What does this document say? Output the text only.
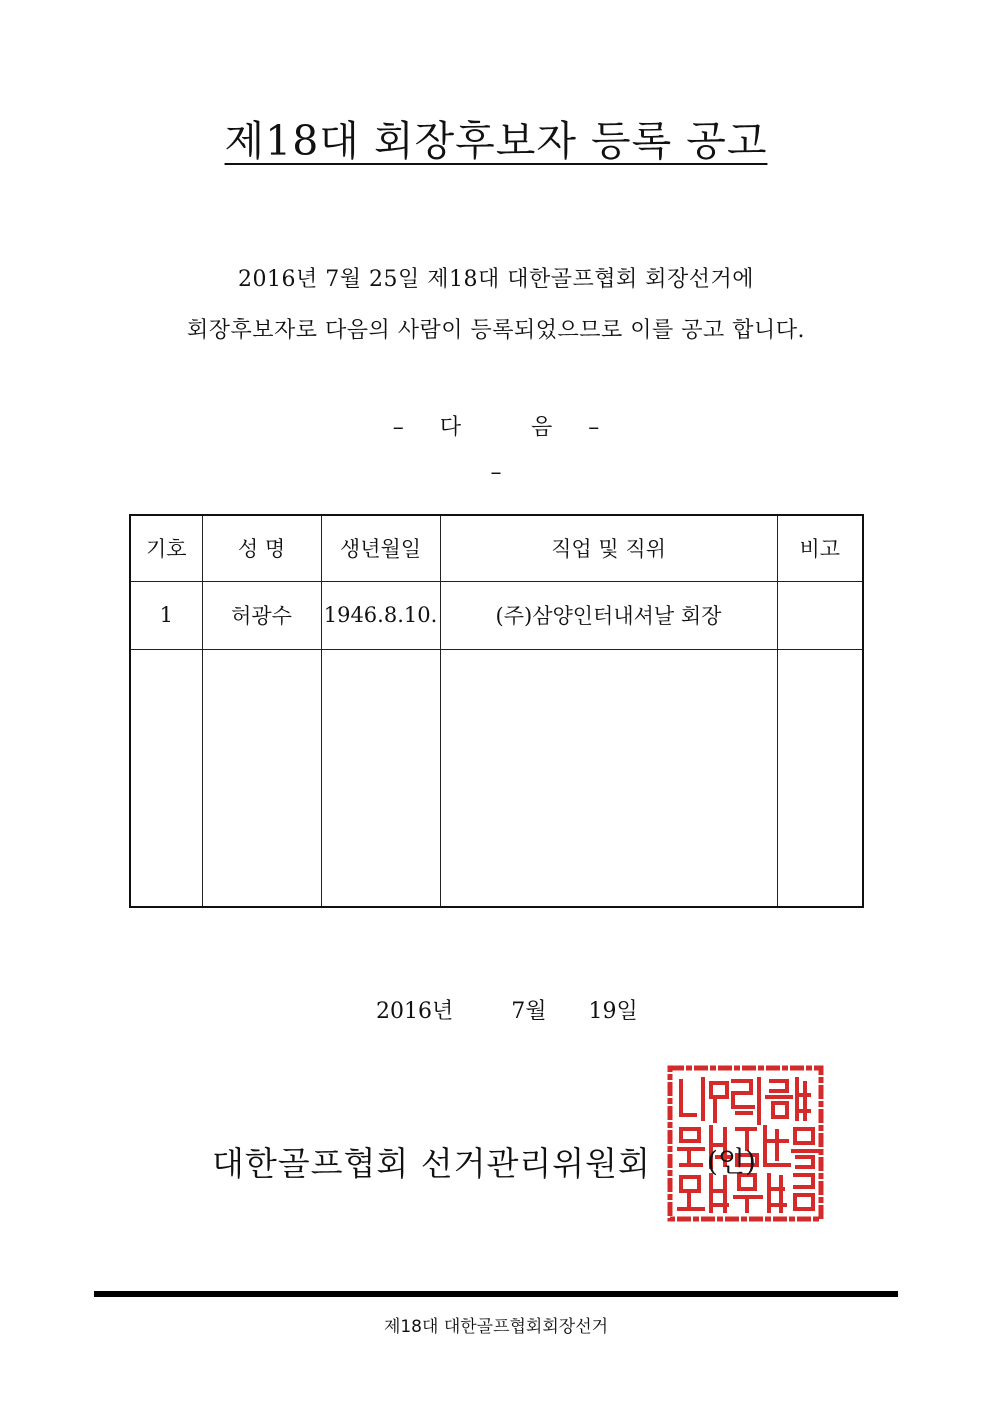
제18대 회장후보자 등록 공고
2016년 7월 25일 제18대 대한골프협회 회장선거에
회장후보자로 다음의 사람이 등록되었으므로 이를 공고 합니다.
– 다	음 –
–
기호	성 명	생년월일	직업 및 직위	비고
1	허광수	1946.8.10.	(주)삼양인터내셔날 회장	

2016년	7월 19일
대한골프협회 선거관리위원회 (인)
제18대 대한골프협회회장선거
